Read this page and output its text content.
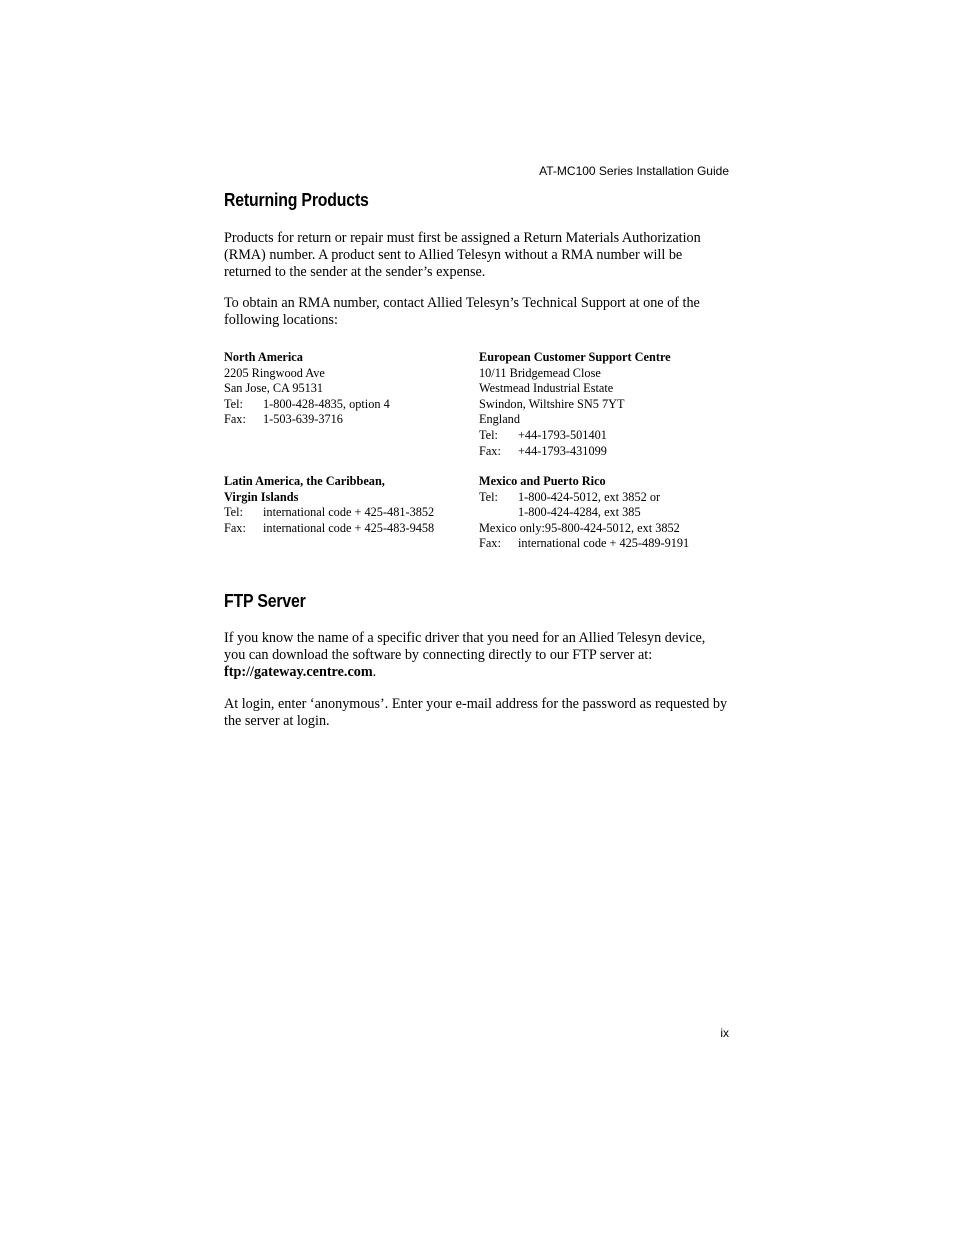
AT-MC100 Series Installation Guide
Returning Products

Products for return or repair must first be assigned a Return Materials Authorization (RMA) number. A product sent to Allied Telesyn without a RMA number will be returned to the sender at the sender’s expense.

To obtain an RMA number, contact Allied Telesyn’s Technical Support at one of the following locations:

North America
2205 Ringwood Ave
San Jose, CA 95131
Tel:	1-800-428-4835, option 4
Fax:	1-503-639-3716
European Customer Support Centre
10/11 Bridgemead Close
Westmead Industrial Estate
Swindon, Wiltshire SN5 7YT
England
Tel:	+44-1793-501401
Fax:	+44-1793-431099
Latin America, the Caribbean,
Virgin Islands
Tel:	international code + 425-481-3852
Fax:	international code + 425-483-9458
Mexico and Puerto Rico
Tel:	1-800-424-5012, ext 3852 or
1-800-424-4284, ext 385
Mexico only:95-800-424-5012, ext 3852
Fax:	international code + 425-489-9191
FTP Server

If you know the name of a specific driver that you need for an Allied Telesyn device, you can download the software by connecting directly to our FTP server at: ftp://gateway.centre.com.

At login, enter ‘anonymous’. Enter your e-mail address for the password as requested by the server at login.

ix
